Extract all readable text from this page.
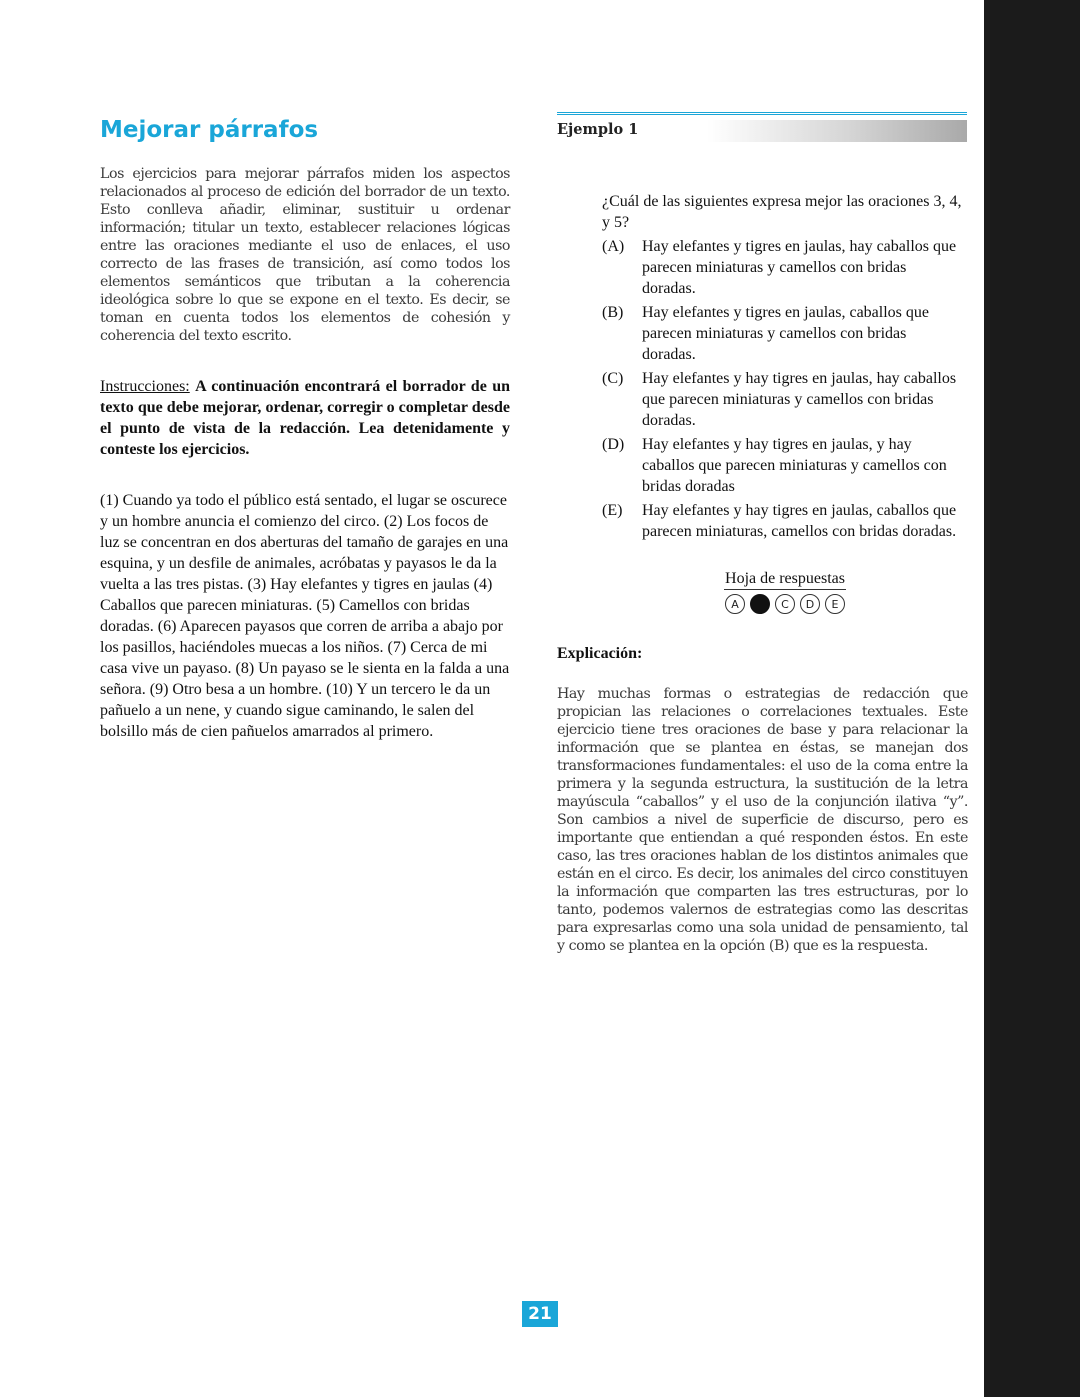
Mejorar párrafos

Los ejercicios para mejorar párrafos miden los aspectos relacionados al proceso de edición del borrador de un texto. Esto conlleva añadir, eliminar, sustituir u ordenar información; titular un texto, establecer relaciones lógicas entre las oraciones mediante el uso de enlaces, el uso correcto de las frases de transición, así como todos los elementos semánticos que tributan a la coherencia ideológica sobre lo que se expone en el texto. Es decir, se toman en cuenta todos los elementos de cohesión y coherencia del texto escrito.

Instrucciones: A continuación encontrará el borrador de un texto que debe mejorar, ordenar, corregir o completar desde el punto de vista de la redacción. Lea detenidamente y conteste los ejercicios.

(1) Cuando ya todo el público está sentado, el lugar se oscurece y un hombre anuncia el comienzo del circo. (2) Los focos de luz se concentran en dos aberturas del tamaño de garajes en una esquina, y un desfile de animales, acróbatas y payasos le da la vuelta a las tres pistas. (3) Hay elefantes y tigres en jaulas (4) Caballos que parecen miniaturas. (5) Camellos con bridas doradas. (6) Aparecen payasos que corren de arriba a abajo por los pasillos, haciéndoles muecas a los niños. (7) Cerca de mi casa vive un payaso. (8) Un payaso se le sienta en la falda a una señora. (9) Otro besa a un hombre. (10) Y un tercero le da un pañuelo a un nene, y cuando sigue caminando, le salen del bolsillo más de cien pañuelos amarrados al primero.

Ejemplo 1

¿Cuál de las siguientes expresa mejor las oraciones 3, 4, y 5?

(A)	Hay elefantes y tigres en jaulas, hay caballos que parecen miniaturas y camellos con bridas doradas.
(B)	Hay elefantes y tigres en jaulas, caballos que parecen miniaturas y camellos con bridas doradas.
(C)	Hay elefantes y hay tigres en jaulas, hay caballos que parecen miniaturas y camellos con bridas doradas.
(D)	Hay elefantes y hay tigres en jaulas, y hay caballos que parecen miniaturas y camellos con bridas doradas
(E)	Hay elefantes y hay tigres en jaulas, caballos que parecen miniaturas, camellos con bridas doradas.
Hoja de respuestas
A	C	D	E
Explicación:

Hay muchas formas o estrategias de redacción que propician las relaciones o correlaciones textuales. Este ejercicio tiene tres oraciones de base y para relacionar la información que se plantea en éstas, se manejan dos transformaciones fundamentales: el uso de la coma entre la primera y la segunda estructura, la sustitución de la letra mayúscula “caballos” y el uso de la conjunción ilativa “y”. Son cambios a nivel de superficie de discurso, pero es importante que entiendan a qué responden éstos. En este caso, las tres oraciones hablan de los distintos animales que están en el circo. Es decir, los animales del circo constituyen la información que comparten las tres estructuras, por lo tanto, podemos valernos de estrategias como las descritas para expresarlas como una sola unidad de pensamiento, tal y como se plantea en la opción (B) que es la respuesta.

21
